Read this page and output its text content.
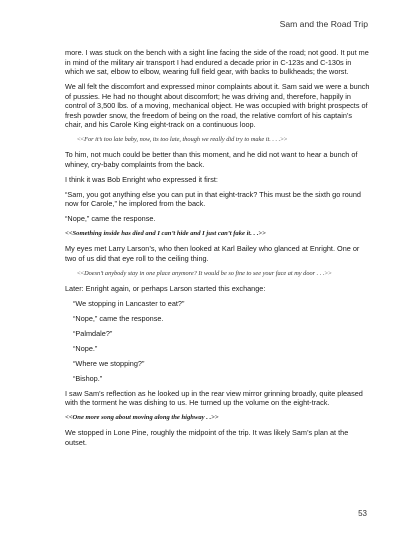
Sam and the Road Trip

more. I was stuck on the bench with a sight line facing the side of the road; not good. It put me in mind of the military air transport I had endured a decade prior in C-123s and C-130s in which we sat, elbow to elbow, wearing full field gear, with backs to bulkheads; the worst.

We all felt the discomfort and expressed minor complaints about it. Sam said we were a bunch of pussies. He had no thought about discomfort; he was driving and, therefore, happily in control of 3,500 lbs. of a moving, mechanical object. He was occupied with bright prospects of fresh powder snow, the freedom of being on the road, the relative comfort of his captain’s chair, and his Carole King eight-track on a continuous loop.

<<For it’s too late baby, now, its too late, though we really did try to make it. . . .>>

To him, not much could be better than this moment, and he did not want to hear a bunch of whiney, cry-baby complaints from the back.

I think it was Bob Enright who expressed it first:

“Sam, you got anything else you can put in that eight-track? This must be the sixth go round now for Carole,” he implored from the back.

“Nope,” came the response.

<<Something inside has died and I can’t hide and I just can’t fake it. . .>>

My eyes met Larry Larson’s, who then looked at Karl Bailey who glanced at Enright. One or two of us did that eye roll to the ceiling thing.

<<Doesn’t anybody stay in one place anymore? It would be so fine to see your face at my door . . .>>

Later: Enright again, or perhaps Larson started this exchange:

“We stopping in Lancaster to eat?”

“Nope,” came the response.

“Palmdale?”

“Nope.”

“Where we stopping?”

“Bishop.”

I saw Sam’s reflection as he looked up in the rear view mirror grinning broadly, quite pleased with the torment he was dishing to us. He turned up the volume on the eight-track.

<<One more song about moving along the highway . .>>

We stopped in Lone Pine, roughly the midpoint of the trip. It was likely Sam’s plan at the outset.

53
